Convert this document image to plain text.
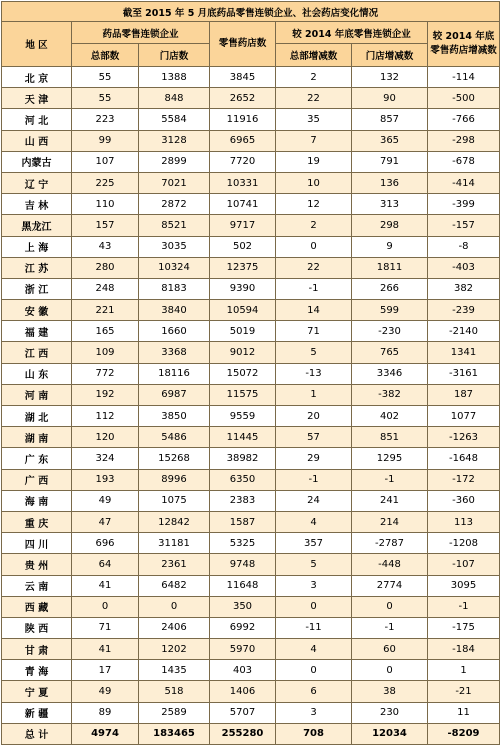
截至 2015 年 5 月底药品零售连锁企业、社会药店变化情况						
地 区	药品零售连锁企业		零售药店数	较 2014 年底零售连锁企业		较 2014 年底零售药店增减数
	总部数	门店数		总部增减数	门店增减数	
北 京	55	1388	3845	2	132	-114
天 津	55	848	2652	22	90	-500
河 北	223	5584	11916	35	857	-766
山 西	99	3128	6965	7	365	-298
内蒙古	107	2899	7720	19	791	-678
辽 宁	225	7021	10331	10	136	-414
吉 林	110	2872	10741	12	313	-399
黑龙江	157	8521	9717	2	298	-157
上 海	43	3035	502	0	9	-8
江 苏	280	10324	12375	22	1811	-403
浙 江	248	8183	9390	-1	266	382
安 徽	221	3840	10594	14	599	-239
福 建	165	1660	5019	71	-230	-2140
江 西	109	3368	9012	5	765	1341
山 东	772	18116	15072	-13	3346	-3161
河 南	192	6987	11575	1	-382	187
湖 北	112	3850	9559	20	402	1077
湖 南	120	5486	11445	57	851	-1263
广 东	324	15268	38982	29	1295	-1648
广 西	193	8996	6350	-1	-1	-172
海 南	49	1075	2383	24	241	-360
重 庆	47	12842	1587	4	214	113
四 川	696	31181	5325	357	-2787	-1208
贵 州	64	2361	9748	5	-448	-107
云 南	41	6482	11648	3	2774	3095
西 藏	0	0	350	0	0	-1
陕 西	71	2406	6992	-11	-1	-175
甘 肃	41	1202	5970	4	60	-184
青 海	17	1435	403	0	0	1
宁 夏	49	518	1406	6	38	-21
新 疆	89	2589	5707	3	230	11
总 计	4974	183465	255280	708	12034	-8209
